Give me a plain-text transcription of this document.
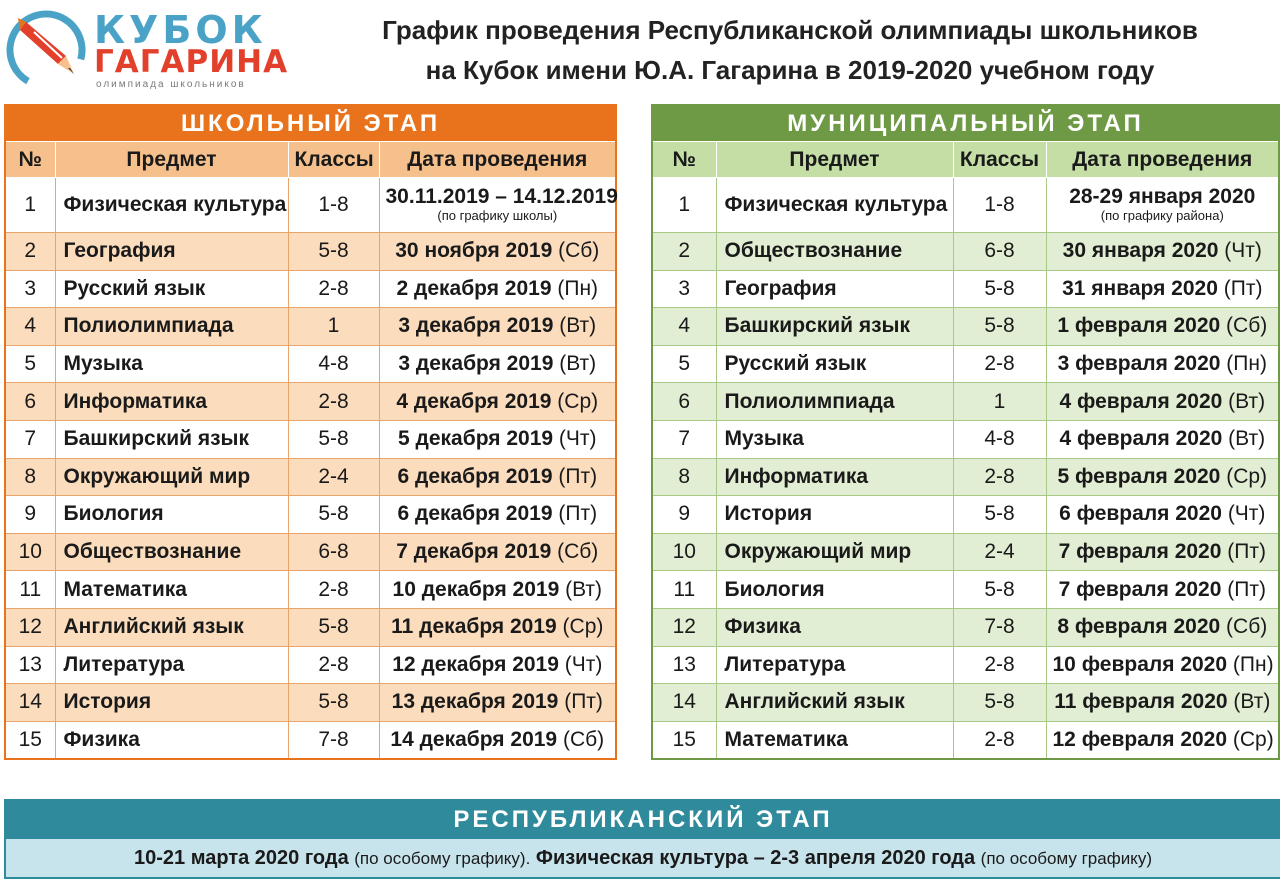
КУБОК
ГАГАРИНА
олимпиада школьников
График проведения Республиканской олимпиады школьников
на Кубок имени Ю.А. Гагарина в 2019-2020 учебном году
ШКОЛЬНЫЙ ЭТАП			
№	Предмет	Классы	Дата проведения
1	Физическая культура	1-8	30.11.2019 – 14.12.2019
(по графику школы)

2	География	5-8	30 ноября 2019 (Сб)
3	Русский язык	2-8	2 декабря 2019 (Пн)
4	Полиолимпиада	1	3 декабря 2019 (Вт)
5	Музыка	4-8	3 декабря 2019 (Вт)
6	Информатика	2-8	4 декабря 2019 (Ср)
7	Башкирский язык	5-8	5 декабря 2019 (Чт)
8	Окружающий мир	2-4	6 декабря 2019 (Пт)
9	Биология	5-8	6 декабря 2019 (Пт)
10	Обществознание	6-8	7 декабря 2019 (Сб)
11	Математика	2-8	10 декабря 2019 (Вт)
12	Английский язык	5-8	11 декабря 2019 (Ср)
13	Литература	2-8	12 декабря 2019 (Чт)
14	История	5-8	13 декабря 2019 (Пт)
15	Физика	7-8	14 декабря 2019 (Сб)
МУНИЦИПАЛЬНЫЙ ЭТАП			
№	Предмет	Классы	Дата проведения
1	Физическая культура	1-8	28-29 января 2020
(по графику района)

2	Обществознание	6-8	30 января 2020 (Чт)
3	География	5-8	31 января 2020 (Пт)
4	Башкирский язык	5-8	1 февраля 2020 (Сб)
5	Русский язык	2-8	3 февраля 2020 (Пн)
6	Полиолимпиада	1	4 февраля 2020 (Вт)
7	Музыка	4-8	4 февраля 2020 (Вт)
8	Информатика	2-8	5 февраля 2020 (Ср)
9	История	5-8	6 февраля 2020 (Чт)
10	Окружающий мир	2-4	7 февраля 2020 (Пт)
11	Биология	5-8	7 февраля 2020 (Пт)
12	Физика	7-8	8 февраля 2020 (Сб)
13	Литература	2-8	10 февраля 2020 (Пн)
14	Английский язык	5-8	11 февраля 2020 (Вт)
15	Математика	2-8	12 февраля 2020 (Ср)
РЕСПУБЛИКАНСКИЙ ЭТАП
10-21 марта 2020 года (по особому графику). Физическая культура – 2-3 апреля 2020 года (по особому графику)
